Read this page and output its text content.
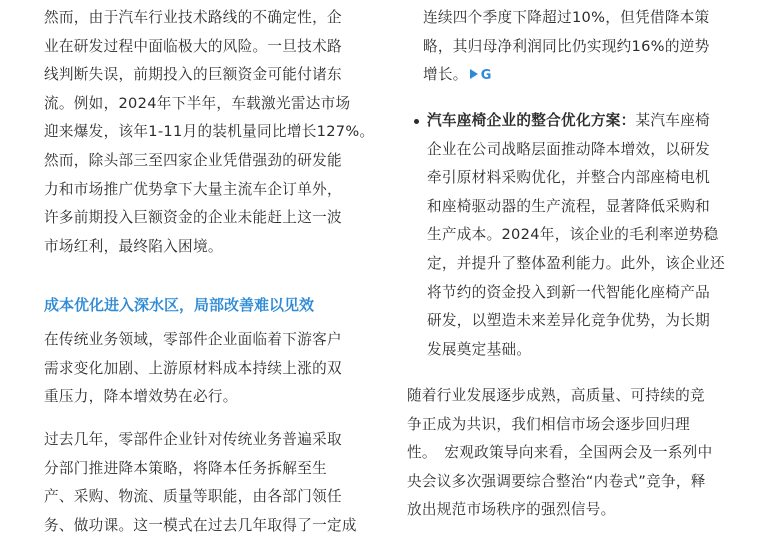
然而，由于汽车行业技术路线的不确定性，企
业在研发过程中面临极大的风险。一旦技术路
线判断失误，前期投入的巨额资金可能付诸东
流。例如，2024年下半年，车载激光雷达市场
迎来爆发，该年1-11月的装机量同比增长127%。
然而，除头部三至四家企业凭借强劲的研发能
力和市场推广优势拿下大量主流车企订单外，
许多前期投入巨额资金的企业未能赶上这一波
市场红利，最终陷入困境。

成本优化进入深水区，局部改善难以见效

在传统业务领域，零部件企业面临着下游客户
需求变化加剧、上游原材料成本持续上涨的双
重压力，降本增效势在必行。

过去几年，零部件企业针对传统业务普遍采取
分部门推进降本策略，将降本任务拆解至生
产、采购、物流、质量等职能，由各部门领任
务、做功课。这一模式在过去几年取得了一定成

连续四个季度下降超过10%，但凭借降本策
略，其归母净利润同比仍实现约16%的逆势
增长。 G

汽车座椅企业的整合优化方案：某汽车座椅
企业在公司战略层面推动降本增效，以研发
牵引原材料采购优化，并整合内部座椅电机
和座椅驱动器的生产流程，显著降低采购和
生产成本。2024年，该企业的毛利率逆势稳
定，并提升了整体盈利能力。此外，该企业还
将节约的资金投入到新一代智能化座椅产品
研发，以塑造未来差异化竞争优势，为长期
发展奠定基础。

随着行业发展逐步成熟，高质量、可持续的竞
争正成为共识，我们相信市场会逐步回归理
性。　宏观政策导向来看，全国两会及一系列中
央会议多次强调要综合整治“内卷式”竞争，释
放出规范市场秩序的强烈信号。
